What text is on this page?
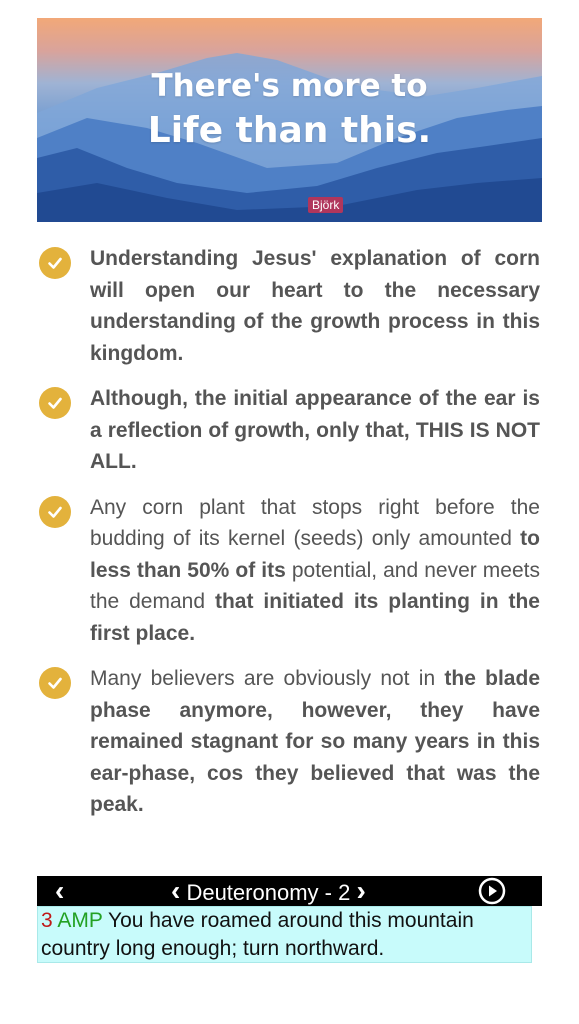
There's more to
Life than this.
Björk

Understanding Jesus' explanation of corn will open our heart to the necessary understanding of the growth process in this kingdom.

Although, the initial appearance of the ear is a reflection of growth, only that, THIS IS NOT ALL.

Any corn plant that stops right before the budding of its kernel (seeds) only amounted to less than 50% of its potential, and never meets the demand that initiated its planting in the first place.

Many believers are obviously not in the blade phase anymore, however, they have remained stagnant for so many years in this ear-phase, cos they believed that was the peak.

‹	‹ Deuteronomy - 2 ›
3 AMP You have roamed around this mountain country long enough; turn northward.
